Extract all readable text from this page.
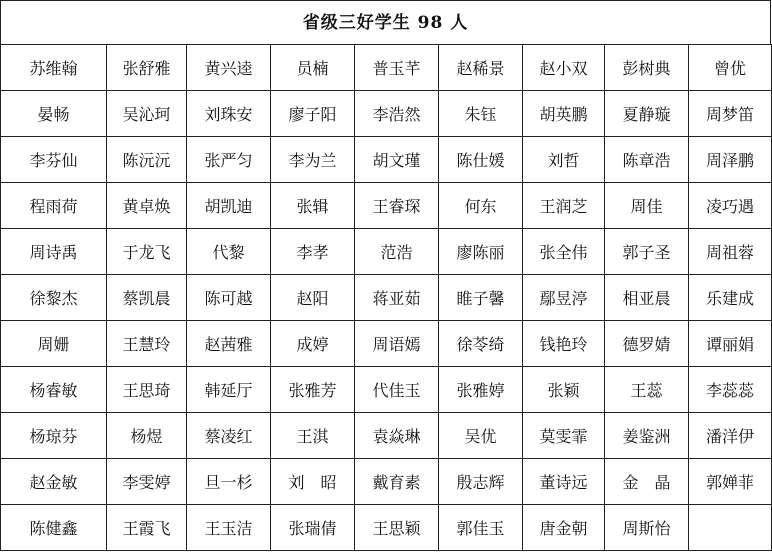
省级三好学生 98 人
苏维翰	张舒雅	黄兴逵	员楠	普玉芊	赵稀景	赵小双	彭树典	曾优
晏畅	吴沁珂	刘珠安	廖子阳	李浩然	朱钰	胡英鹏	夏静璇	周梦笛
李芬仙	陈沅沅	张严匀	李为兰	胡文瑾	陈仕媛	刘哲	陈章浩	周泽鹏
程雨荷	黄卓焕	胡凯迪	张辑	王睿琛	何东	王润芝	周佳	凌巧遇
周诗禹	于龙飞	代黎	李孝	范浩	廖陈丽	张全伟	郭子圣	周祖蓉
徐黎杰	蔡凯晨	陈可越	赵阳	蒋亚茹	睢子馨	鄢昱渟	相亚晨	乐建成
周姗	王慧玲	赵茜雅	成婷	周语嫣	徐苓绮	钱艳玲	德罗婧	谭丽娟
杨睿敏	王思琦	韩延厅	张雅芳	代佳玉	张雅婷	张颖	王蕊	李蕊蕊
杨琼芬	杨煜	蔡凌红	王淇	袁焱琳	吴优	莫雯霏	姜鉴洲	潘洋伊
赵金敏	李雯婷	旦一杉	刘　昭	戴育素	殷志辉	董诗远	金　晶	郭婵菲
陈健鑫	王霞飞	王玉洁	张瑞倩	王思颖	郭佳玉	唐金朝	周斯怡	
